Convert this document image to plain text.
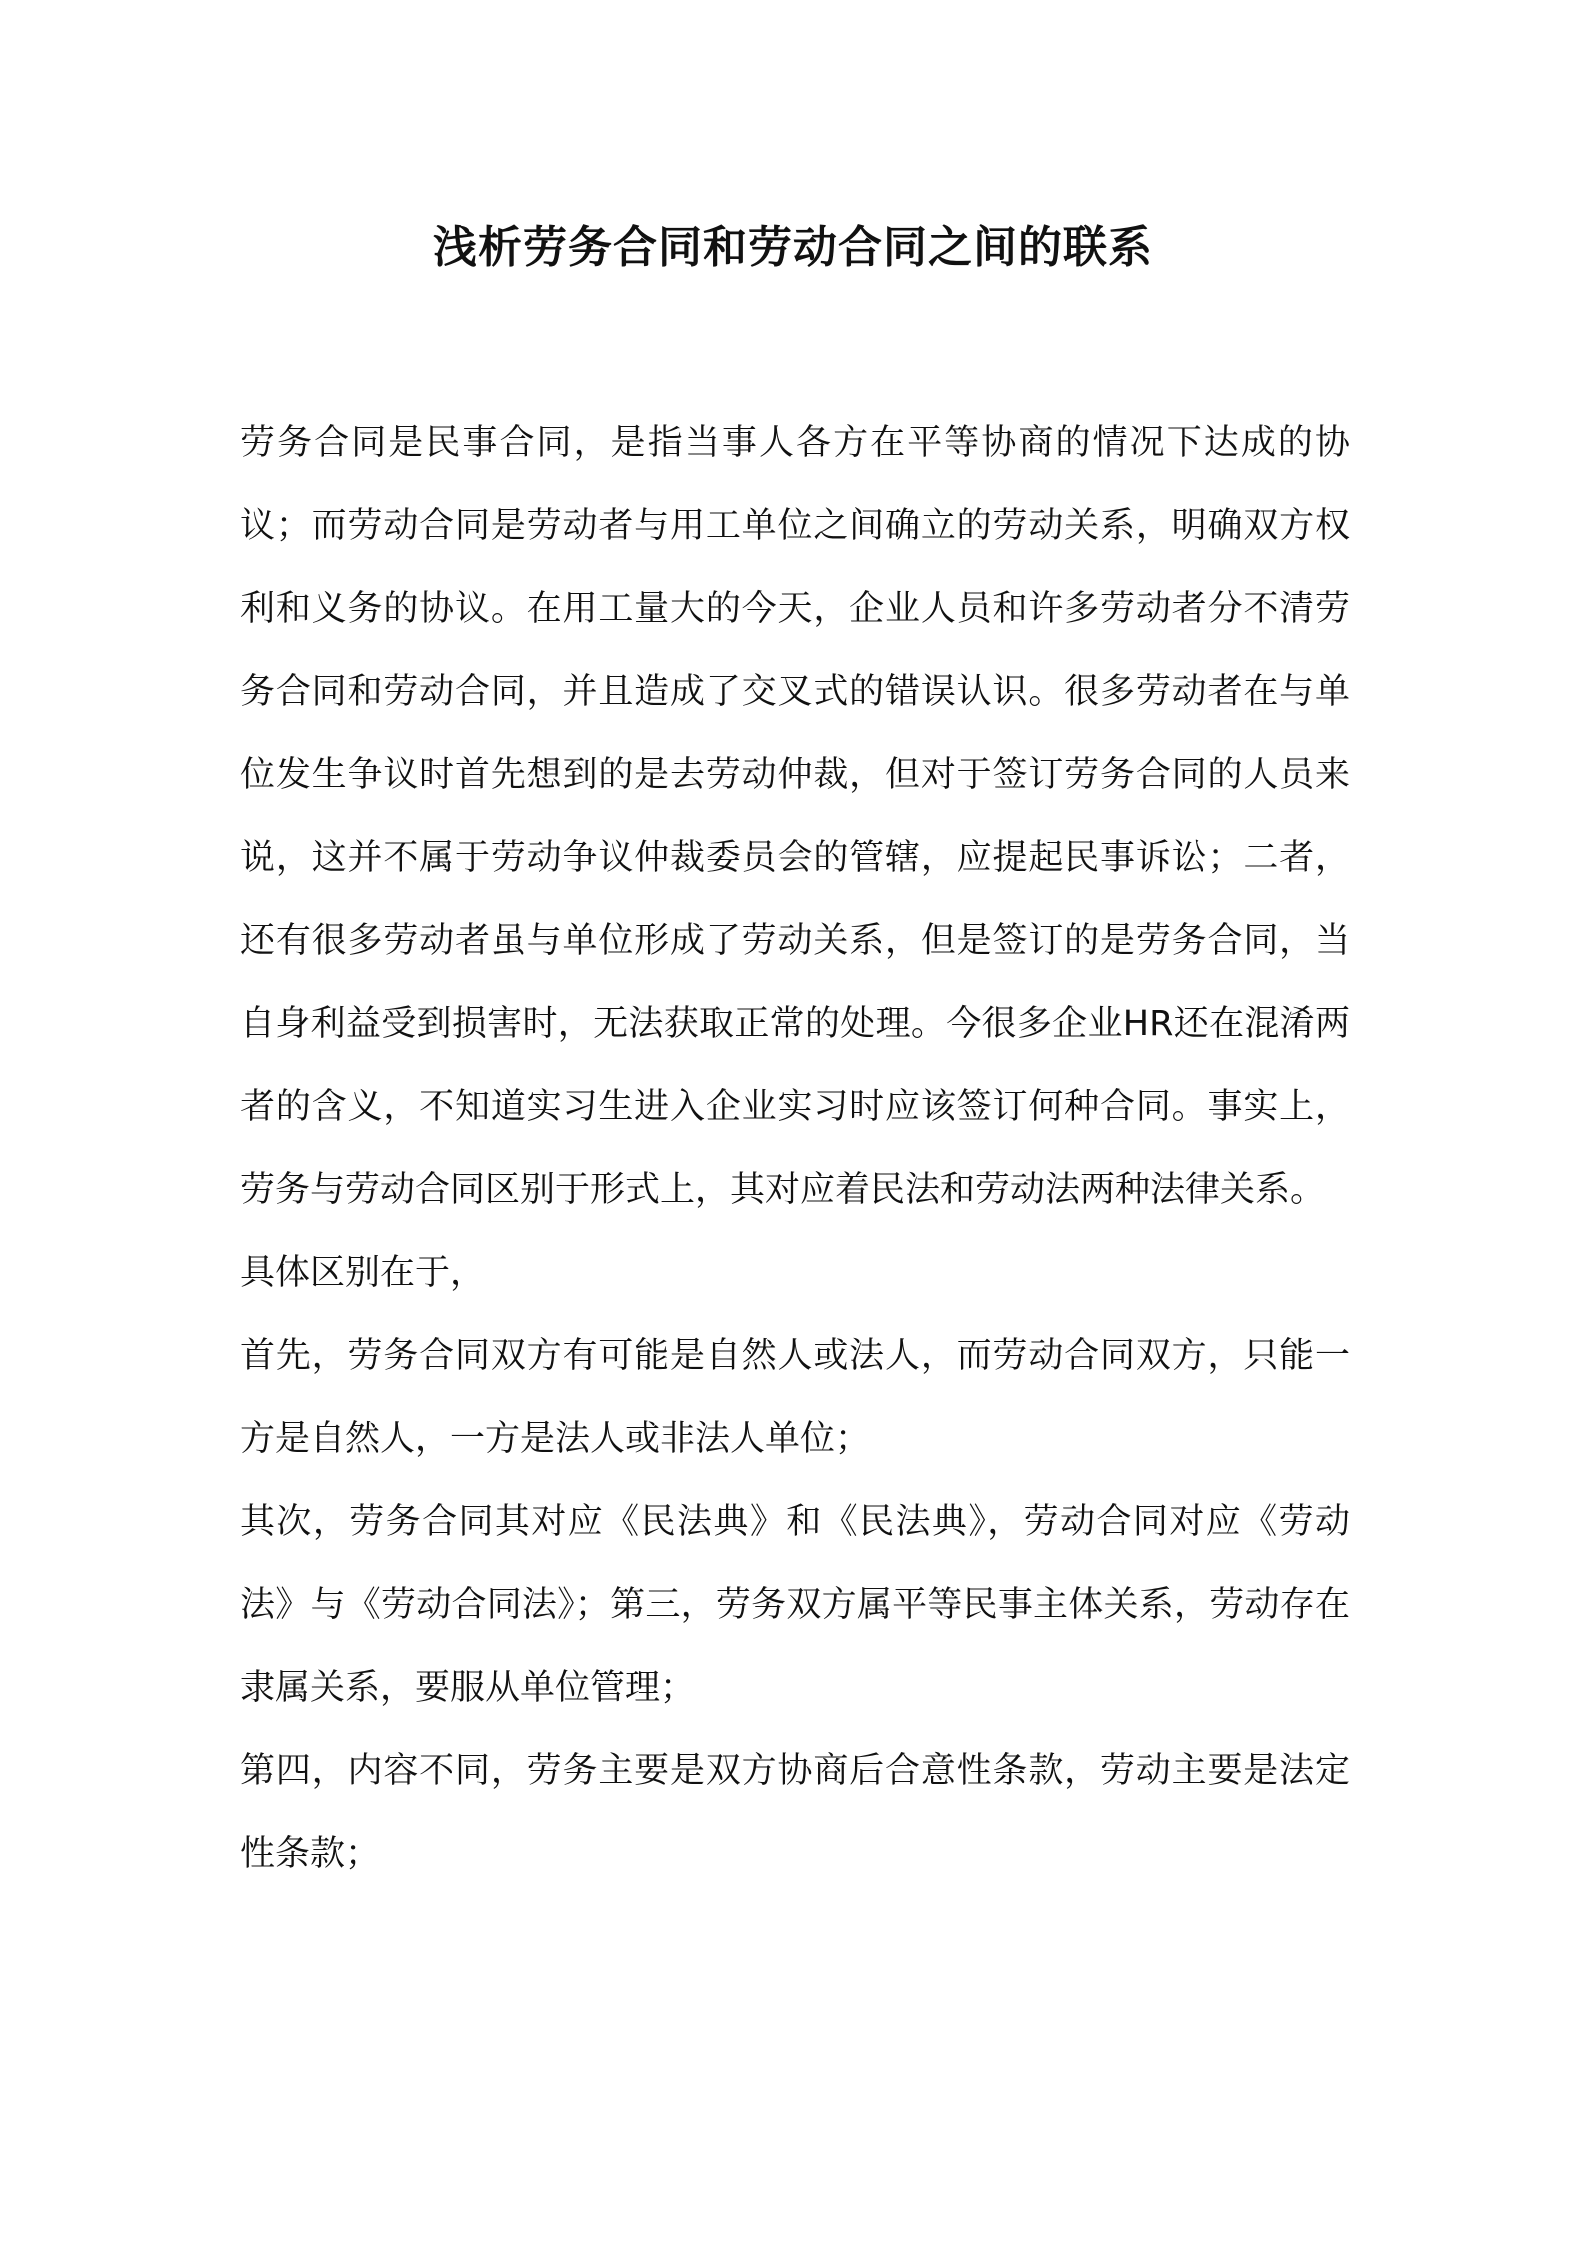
浅析劳务合同和劳动合同之间的联系

劳务合同是民事合同，是指当事人各方在平等协商的情况下达成的协议；而劳动合同是劳动者与用工单位之间确立的劳动关系，明确双方权利和义务的协议。在用工量大的今天，企业人员和许多劳动者分不清劳务合同和劳动合同，并且造成了交叉式的错误认识。很多劳动者在与单位发生争议时首先想到的是去劳动仲裁，但对于签订劳务合同的人员来说，这并不属于劳动争议仲裁委员会的管辖，应提起民事诉讼；二者，还有很多劳动者虽与单位形成了劳动关系，但是签订的是劳务合同，当自身利益受到损害时，无法获取正常的处理。今很多企业HR还在混淆两者的含义，不知道实习生进入企业实习时应该签订何种合同。事实上，劳务与劳动合同区别于形式上，其对应着民法和劳动法两种法律关系。

具体区别在于，

首先，劳务合同双方有可能是自然人或法人，而劳动合同双方，只能一方是自然人，一方是法人或非法人单位；

其次，劳务合同其对应《民法典》和《民法典》，劳动合同对应《劳动法》与《劳动合同法》；第三，劳务双方属平等民事主体关系，劳动存在隶属关系，要服从单位管理；

第四，内容不同，劳务主要是双方协商后合意性条款，劳动主要是法定性条款；
